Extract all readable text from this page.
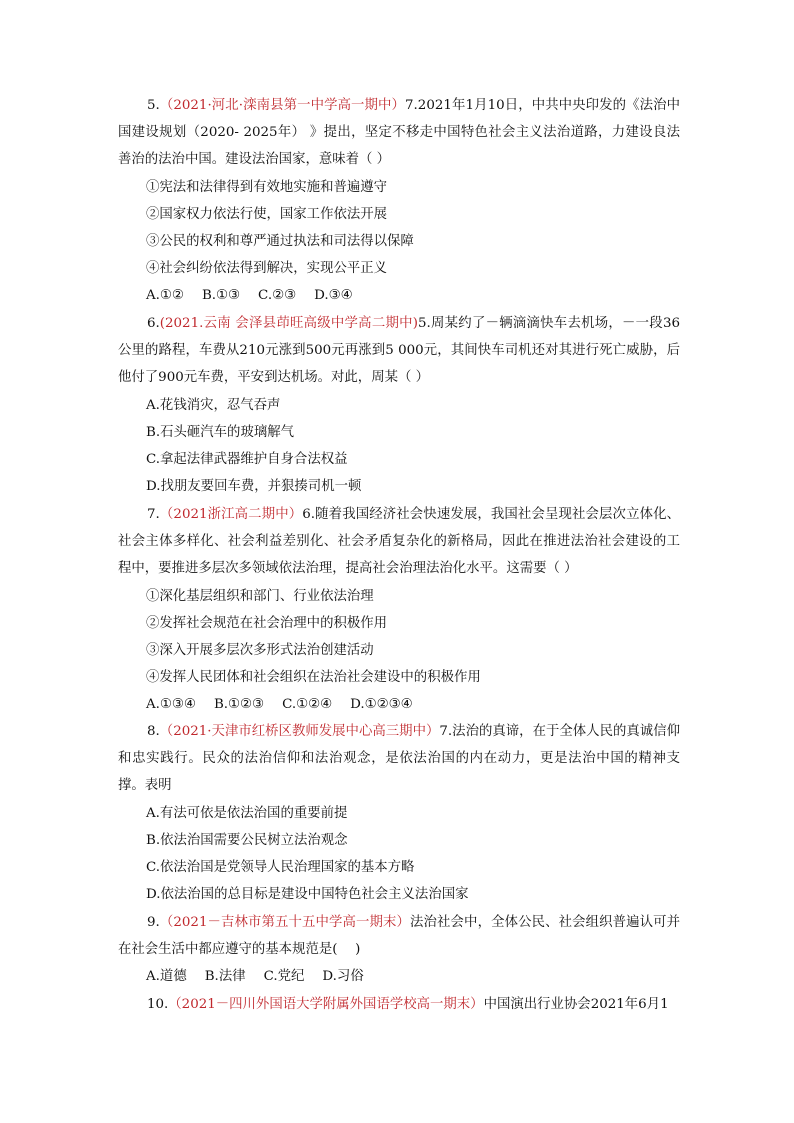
5.（2021·河北·滦南县第一中学高一期中）7.2021年1月10日，中共中央印发的《法治中国建设规划（2020- 2025年） 》提出，坚定不移走中国特色社会主义法治道路，力建设良法善治的法治中国。建设法治国家，意味着（ ）
①宪法和法律得到有效地实施和普遍遵守
②国家权力依法行使，国家工作依法开展
③公民的权利和尊严通过执法和司法得以保障
④社会纠纷依法得到解决，实现公平正义
A.①② B.①③ C.②③ D.③④
6.(2021.云南 会泽县茚旺高级中学高二期中)5.周某约了－辆滴滴快车去机场，－一段36公里的路程，车费从210元涨到500元再涨到5 000元，其间快车司机还对其进行死亡威胁，后他付了900元车费，平安到达机场。对此，周某（ ）
A.花钱消灾，忍气吞声
B.石头砸汽车的玻璃解气
C.拿起法律武器维护自身合法权益
D.找朋友要回车费，并狠揍司机一顿
7.（2021浙江高二期中）6.随着我国经济社会快速发展，我国社会呈现社会层次立体化、社会主体多样化、社会利益差别化、社会矛盾复杂化的新格局，因此在推进法治社会建设的工程中，要推进多层次多领域依法治理，提高社会治理法治化水平。这需要（ ）
①深化基层组织和部门、行业依法治理
②发挥社会规范在社会治理中的积极作用
③深入开展多层次多形式法治创建活动
④发挥人民团体和社会组织在法治社会建设中的积极作用
A.①③④ B.①②③ C.①②④ D.①②③④
8.（2021·天津市红桥区教师发展中心高三期中）7.法治的真谛，在于全体人民的真诚信仰和忠实践行。民众的法治信仰和法治观念，是依法治国的内在动力，更是法治中国的精神支撑。表明
A.有法可依是依法治国的重要前提
B.依法治国需要公民树立法治观念
C.依法治国是党领导人民治理国家的基本方略
D.依法治国的总目标是建设中国特色社会主义法治国家
9.（2021－吉林市第五十五中学高一期末）法治社会中，全体公民、社会组织普遍认可并在社会生活中都应遵守的基本规范是(　 )
A.道德 B.法律 C.党纪 D.习俗
10.（2021－四川外国语大学附属外国语学校高一期末）中国演出行业协会2021年6月1
